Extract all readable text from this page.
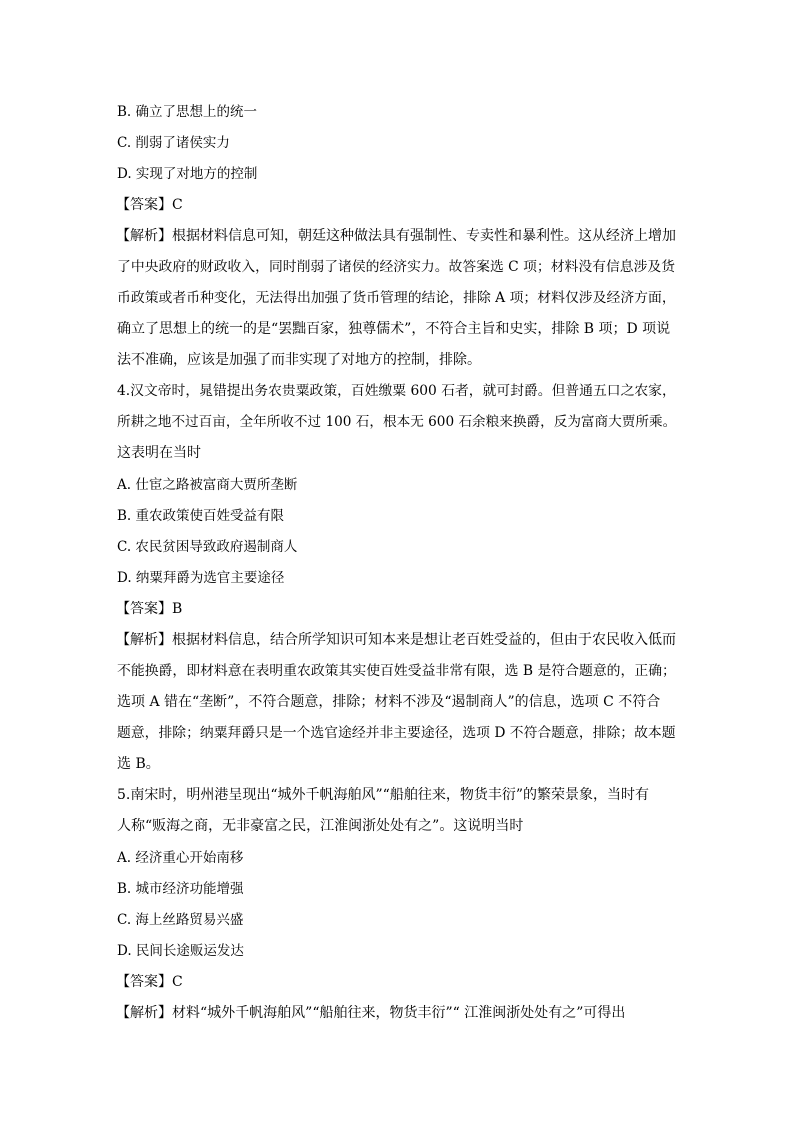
B. 确立了思想上的统一
C. 削弱了诸侯实力
D. 实现了对地方的控制
【答案】C
【解析】根据材料信息可知，朝廷这种做法具有强制性、专卖性和暴利性。这从经济上增加
了中央政府的财政收入，同时削弱了诸侯的经济实力。故答案选 C 项；材料没有信息涉及货
币政策或者币种变化，无法得出加强了货币管理的结论，排除 A 项；材料仅涉及经济方面，
确立了思想上的统一的是“罢黜百家，独尊儒术”，不符合主旨和史实，排除 B 项；D 项说
法不准确，应该是加强了而非实现了对地方的控制，排除。
4.汉文帝时，晁错提出务农贵粟政策，百姓缴粟 600 石者，就可封爵。但普通五口之农家，
所耕之地不过百亩，全年所收不过 100 石，根本无 600 石余粮来换爵，反为富商大贾所乘。
这表明在当时
A. 仕宦之路被富商大贾所垄断
B. 重农政策使百姓受益有限
C. 农民贫困导致政府遏制商人
D. 纳粟拜爵为选官主要途径
【答案】B
【解析】根据材料信息，结合所学知识可知本来是想让老百姓受益的，但由于农民收入低而
不能换爵，即材料意在表明重农政策其实使百姓受益非常有限，选 B 是符合题意的，正确；
选项 A 错在“垄断”，不符合题意，排除；材料不涉及“遏制商人”的信息，选项 C 不符合
题意，排除；纳粟拜爵只是一个选官途经并非主要途径，选项 D 不符合题意，排除；故本题
选 B。
5.南宋时，明州港呈现出“城外千帆海舶风”“船舶往来，物货丰衍”的繁荣景象，当时有
人称“贩海之商，无非豪富之民，江淮闽浙处处有之”。这说明当时
A. 经济重心开始南移
B. 城市经济功能增强
C. 海上丝路贸易兴盛
D. 民间长途贩运发达
【答案】C
【解析】材料“城外千帆海舶风”“船舶往来，物货丰衍”“ 江淮闽浙处处有之”可得出
